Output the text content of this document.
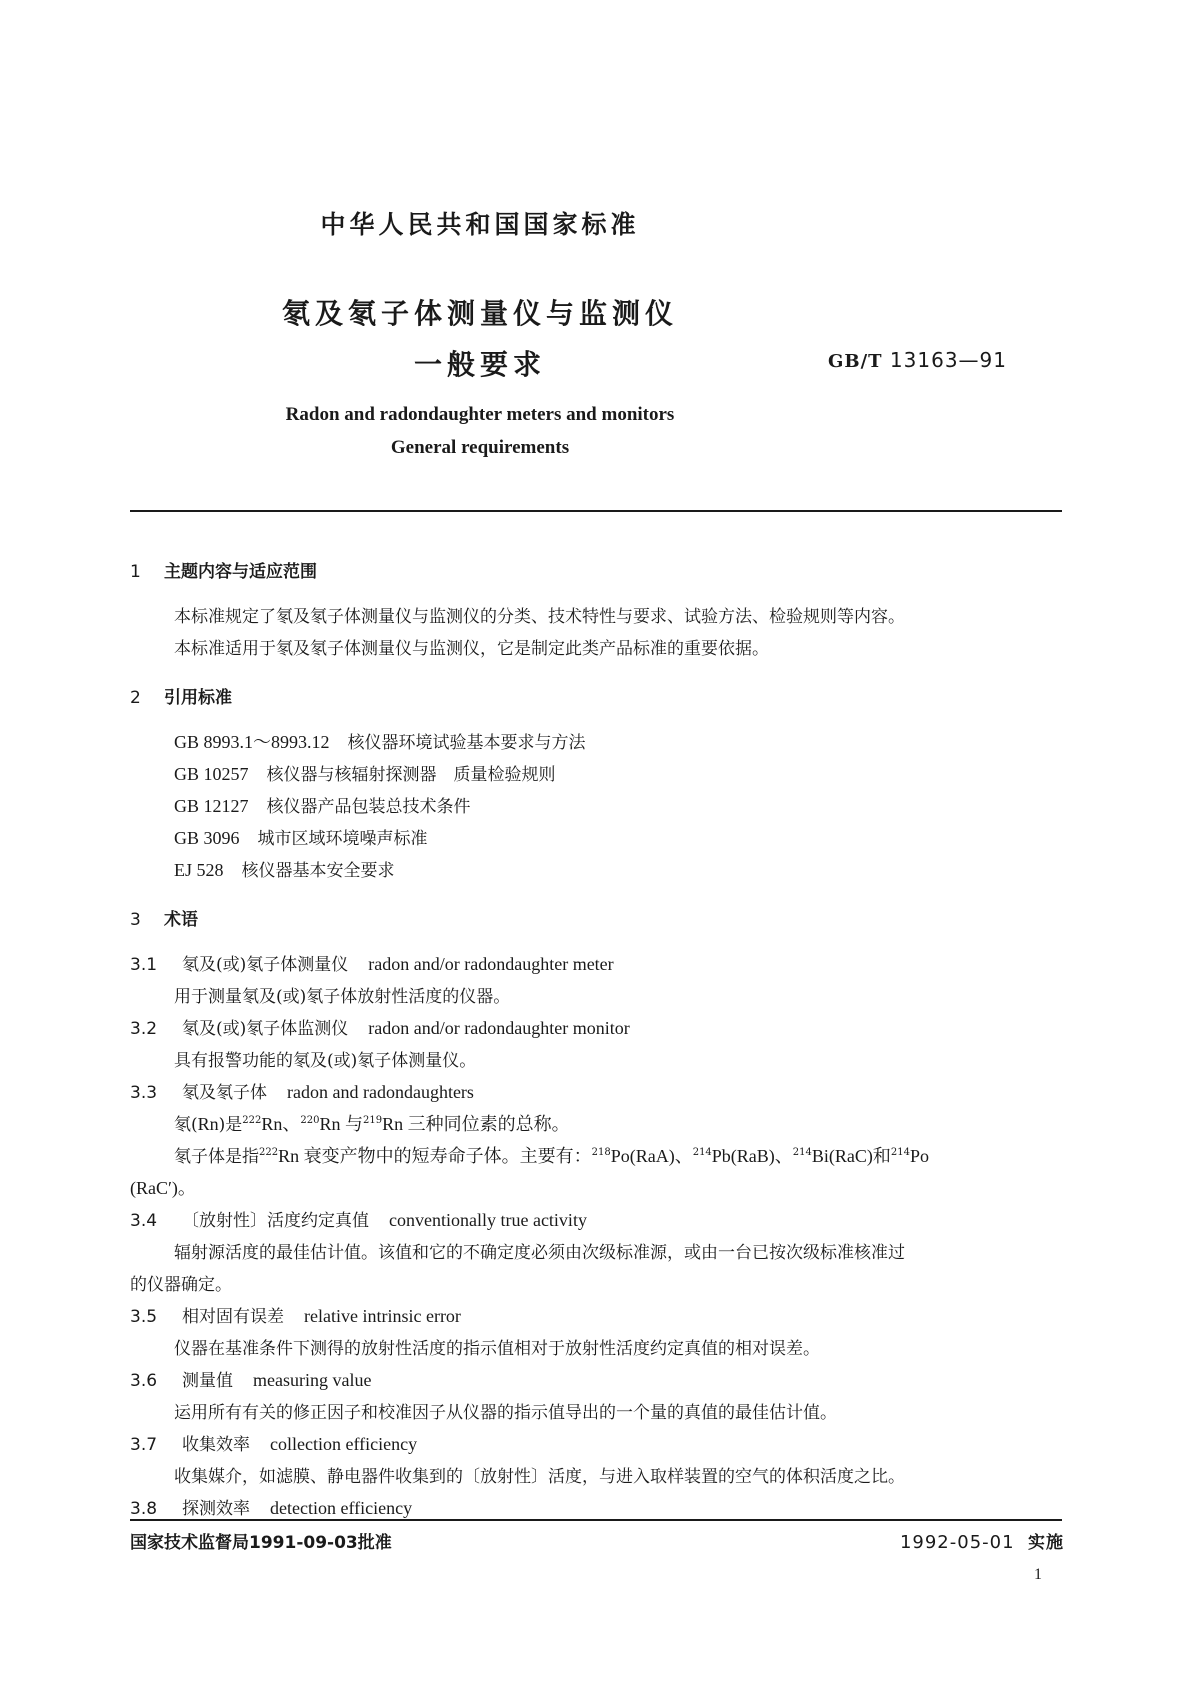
中华人民共和国国家标准
氡及氡子体测量仪与监测仪
一般要求	GB/T 13163—91
Radon and radondaughter meters and monitors
General requirements
1 主题内容与适应范围
本标准规定了氡及氡子体测量仪与监测仪的分类、技术特性与要求、试验方法、检验规则等内容。
本标准适用于氡及氡子体测量仪与监测仪，它是制定此类产品标准的重要依据。
2 引用标准
GB 8993.1～8993.12 核仪器环境试验基本要求与方法
GB 10257 核仪器与核辐射探测器　质量检验规则
GB 12127 核仪器产品包装总技术条件
GB 3096 城市区域环境噪声标准
EJ 528 核仪器基本安全要求
3 术语
3.1 氡及(或)氡子体测量仪 radon and/or radondaughter meter
用于测量氡及(或)氡子体放射性活度的仪器。
3.2 氡及(或)氡子体监测仪 radon and/or radondaughter monitor
具有报警功能的氡及(或)氡子体测量仪。
3.3 氡及氡子体 radon and radondaughters
氡(Rn)是$^{222}$Rn、$^{220}$Rn 与$^{219}$Rn 三种同位素的总称。
氡子体是指$^{222}$Rn 衰变产物中的短寿命子体。主要有：$^{218}$Po(RaA)、$^{214}$Pb(RaB)、$^{214}$Bi(RaC)和$^{214}$Po
(RaC′)。
3.4 〔放射性〕活度约定真值 conventionally true activity
辐射源活度的最佳估计值。该值和它的不确定度必须由次级标准源，或由一台已按次级标准核准过
的仪器确定。
3.5 相对固有误差 relative intrinsic error
仪器在基准条件下测得的放射性活度的指示值相对于放射性活度约定真值的相对误差。
3.6 测量值 measuring value
运用所有有关的修正因子和校准因子从仪器的指示值导出的一个量的真值的最佳估计值。
3.7 收集效率 collection efficiency
收集媒介，如滤膜、静电器件收集到的〔放射性〕活度，与进入取样装置的空气的体积活度之比。
3.8 探测效率 detection efficiency
国家技术监督局1991-09-03批准	1992-05-01 实施
1
